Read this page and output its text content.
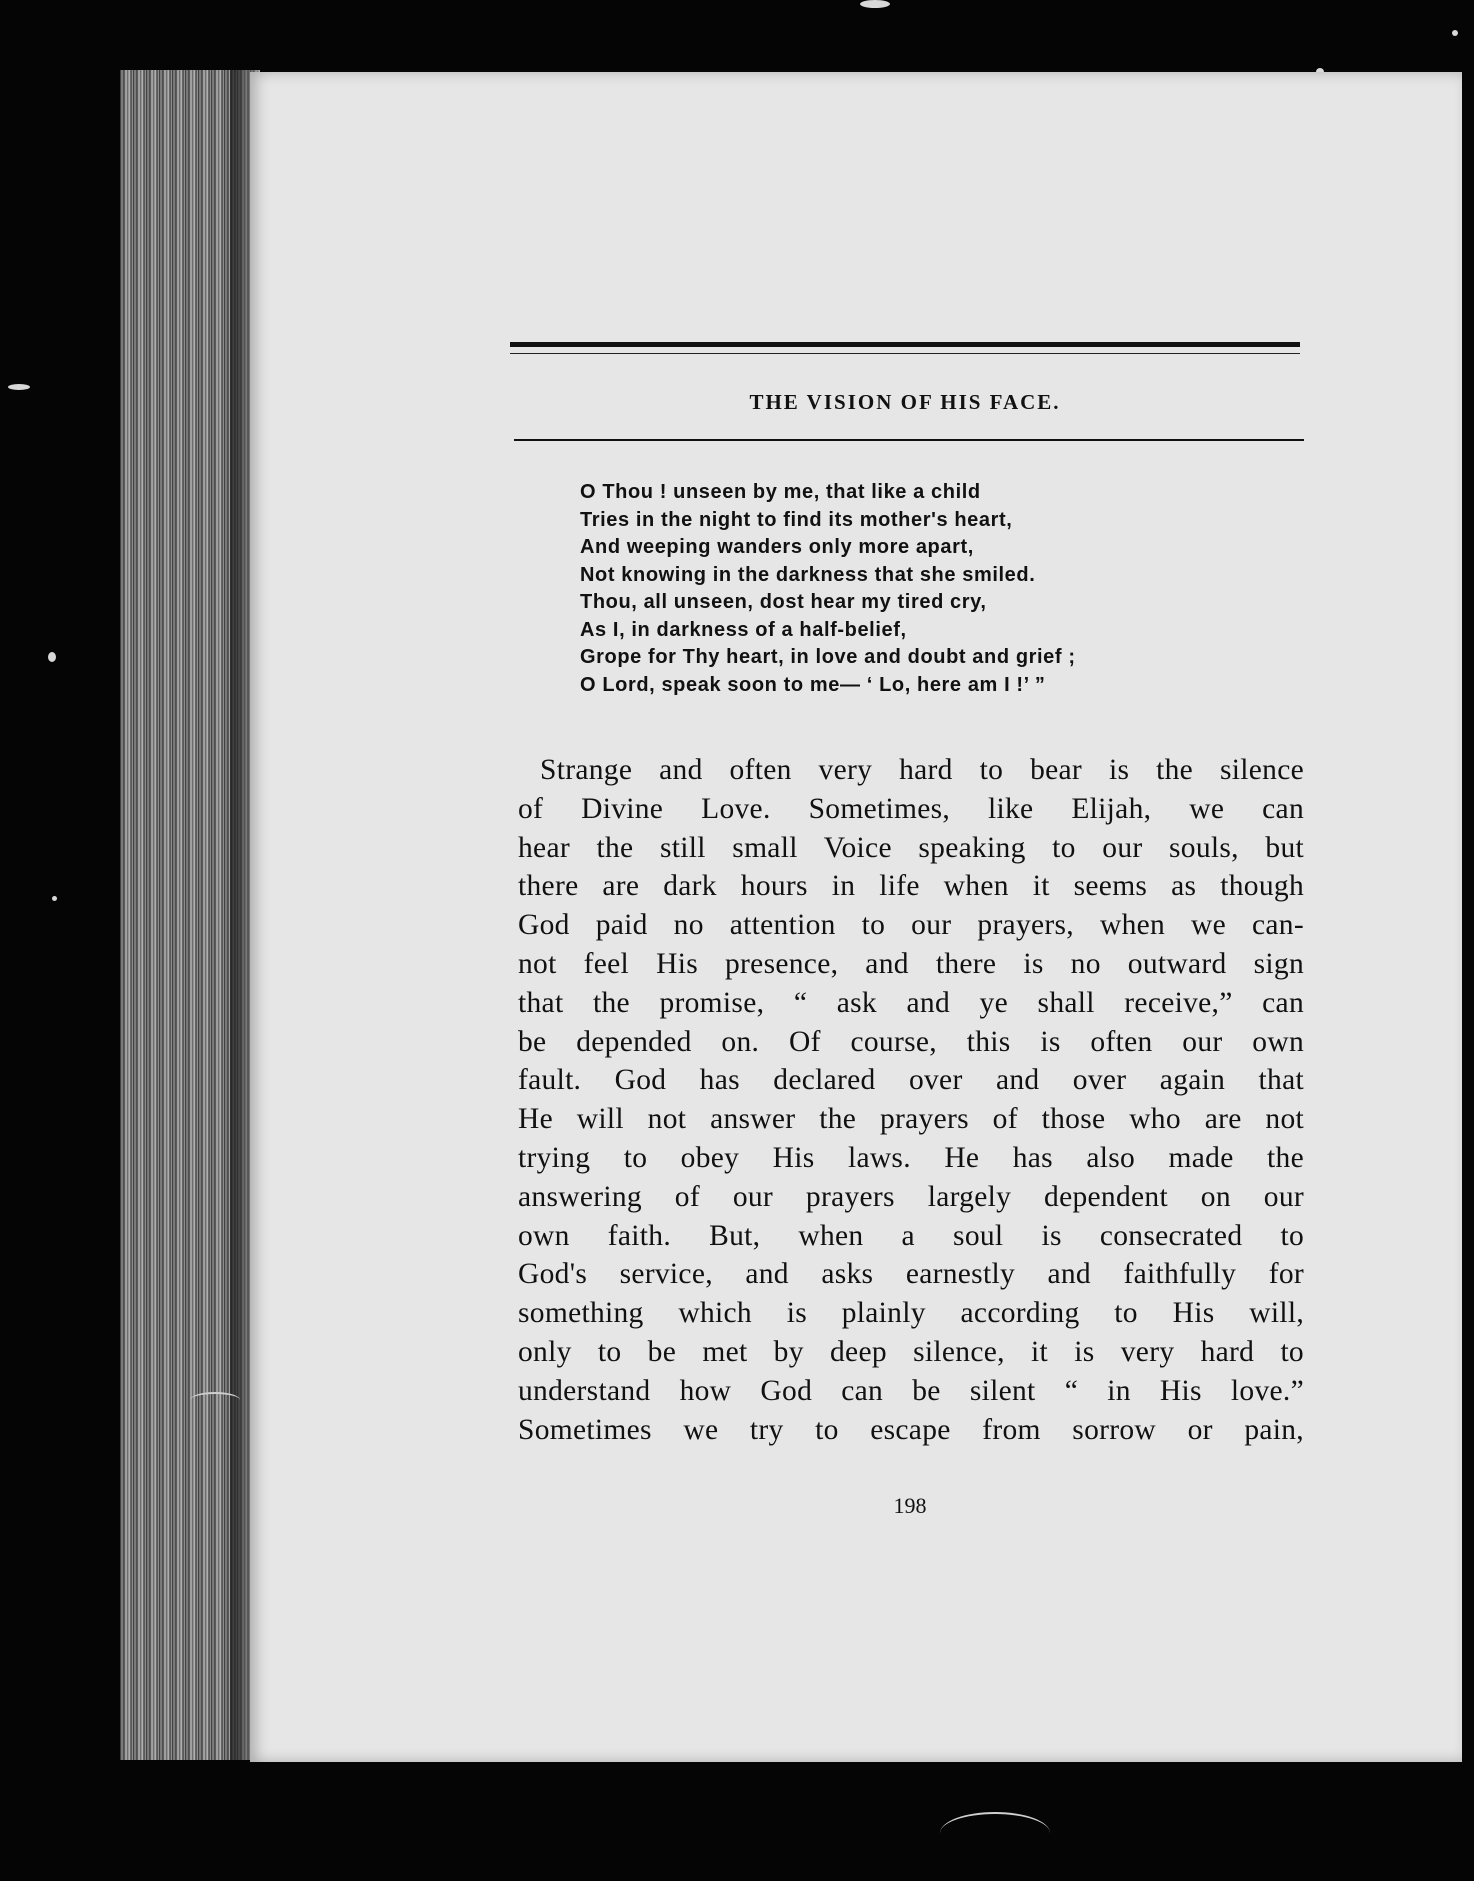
THE VISION OF HIS FACE.
O Thou ! unseen by me, that like a child
Tries in the night to find its mother's heart,
And weeping wanders only more apart,
Not knowing in the darkness that she smiled.
Thou, all unseen, dost hear my tired cry,
As I, in darkness of a half-belief,
Grope for Thy heart, in love and doubt and grief ;
O Lord, speak soon to me— ‘ Lo, here am I !’ ”
Strange and often very hard to bear is the silence
of Divine Love. Sometimes, like Elijah, we can
hear the still small Voice speaking to our souls, but
there are dark hours in life when it seems as though
God paid no attention to our prayers, when we can-
not feel His presence, and there is no outward sign
that the promise, “ ask and ye shall receive,” can
be depended on. Of course, this is often our own
fault. God has declared over and over again that
He will not answer the prayers of those who are not
trying to obey His laws. He has also made the
answering of our prayers largely dependent on our
own faith. But, when a soul is consecrated to
God's service, and asks earnestly and faithfully for
something which is plainly according to His will,
only to be met by deep silence, it is very hard to
understand how God can be silent “ in His love.”
Sometimes we try to escape from sorrow or pain,
198
